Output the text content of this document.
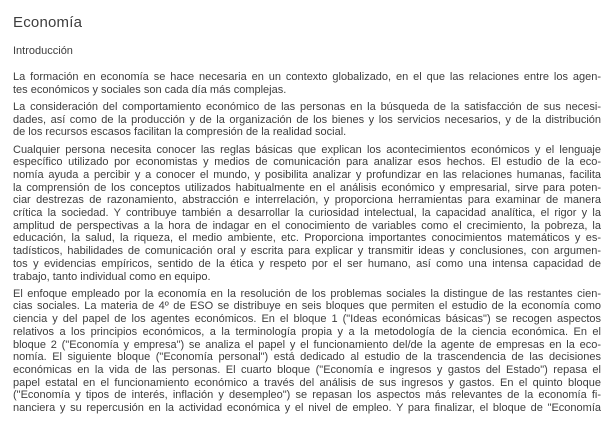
Economía
Introducción
La formación en economía se hace necesaria en un contexto globalizado, en el que las relaciones entre los agen-
tes económicos y sociales son cada día más complejas.
La consideración del comportamiento económico de las personas en la búsqueda de la satisfacción de sus necesi-
dades, así como de la producción y de la organización de los bienes y los servicios necesarios, y de la distribución
de los recursos escasos facilitan la compresión de la realidad social.
Cualquier persona necesita conocer las reglas básicas que explican los acontecimientos económicos y el lenguaje
específico utilizado por economistas y medios de comunicación para analizar esos hechos. El estudio de la eco-
nomía ayuda a percibir y a conocer el mundo, y posibilita analizar y profundizar en las relaciones humanas, facilita
la comprensión de los conceptos utilizados habitualmente en el análisis económico y empresarial, sirve para poten-
ciar destrezas de razonamiento, abstracción e interrelación, y proporciona herramientas para examinar de manera
crítica la sociedad. Y contribuye también a desarrollar la curiosidad intelectual, la capacidad analítica, el rigor y la
amplitud de perspectivas a la hora de indagar en el conocimiento de variables como el crecimiento, la pobreza, la
educación, la salud, la riqueza, el medio ambiente, etc. Proporciona importantes conocimientos matemáticos y es-
tadísticos, habilidades de comunicación oral y escrita para explicar y transmitir ideas y conclusiones, con argumen-
tos y evidencias empíricos, sentido de la ética y respeto por el ser humano, así como una intensa capacidad de
trabajo, tanto individual como en equipo.
El enfoque empleado por la economía en la resolución de los problemas sociales la distingue de las restantes cien-
cias sociales. La materia de 4º de ESO se distribuye en seis bloques que permiten el estudio de la economía como
ciencia y del papel de los agentes económicos. En el bloque 1 ("Ideas económicas básicas") se recogen aspectos
relativos a los principios económicos, a la terminología propia y a la metodología de la ciencia económica. En el
bloque 2 ("Economía y empresa") se analiza el papel y el funcionamiento del/de la agente de empresas en la eco-
nomía. El siguiente bloque ("Economía personal") está dedicado al estudio de la trascendencia de las decisiones
económicas en la vida de las personas. El cuarto bloque ("Economía e ingresos y gastos del Estado") repasa el
papel estatal en el funcionamiento económico a través del análisis de sus ingresos y gastos. En el quinto bloque
("Economía y tipos de interés, inflación y desempleo") se repasan los aspectos más relevantes de la economía fi-
nanciera y su repercusión en la actividad económica y el nivel de empleo. Y para finalizar, el bloque de "Economía
